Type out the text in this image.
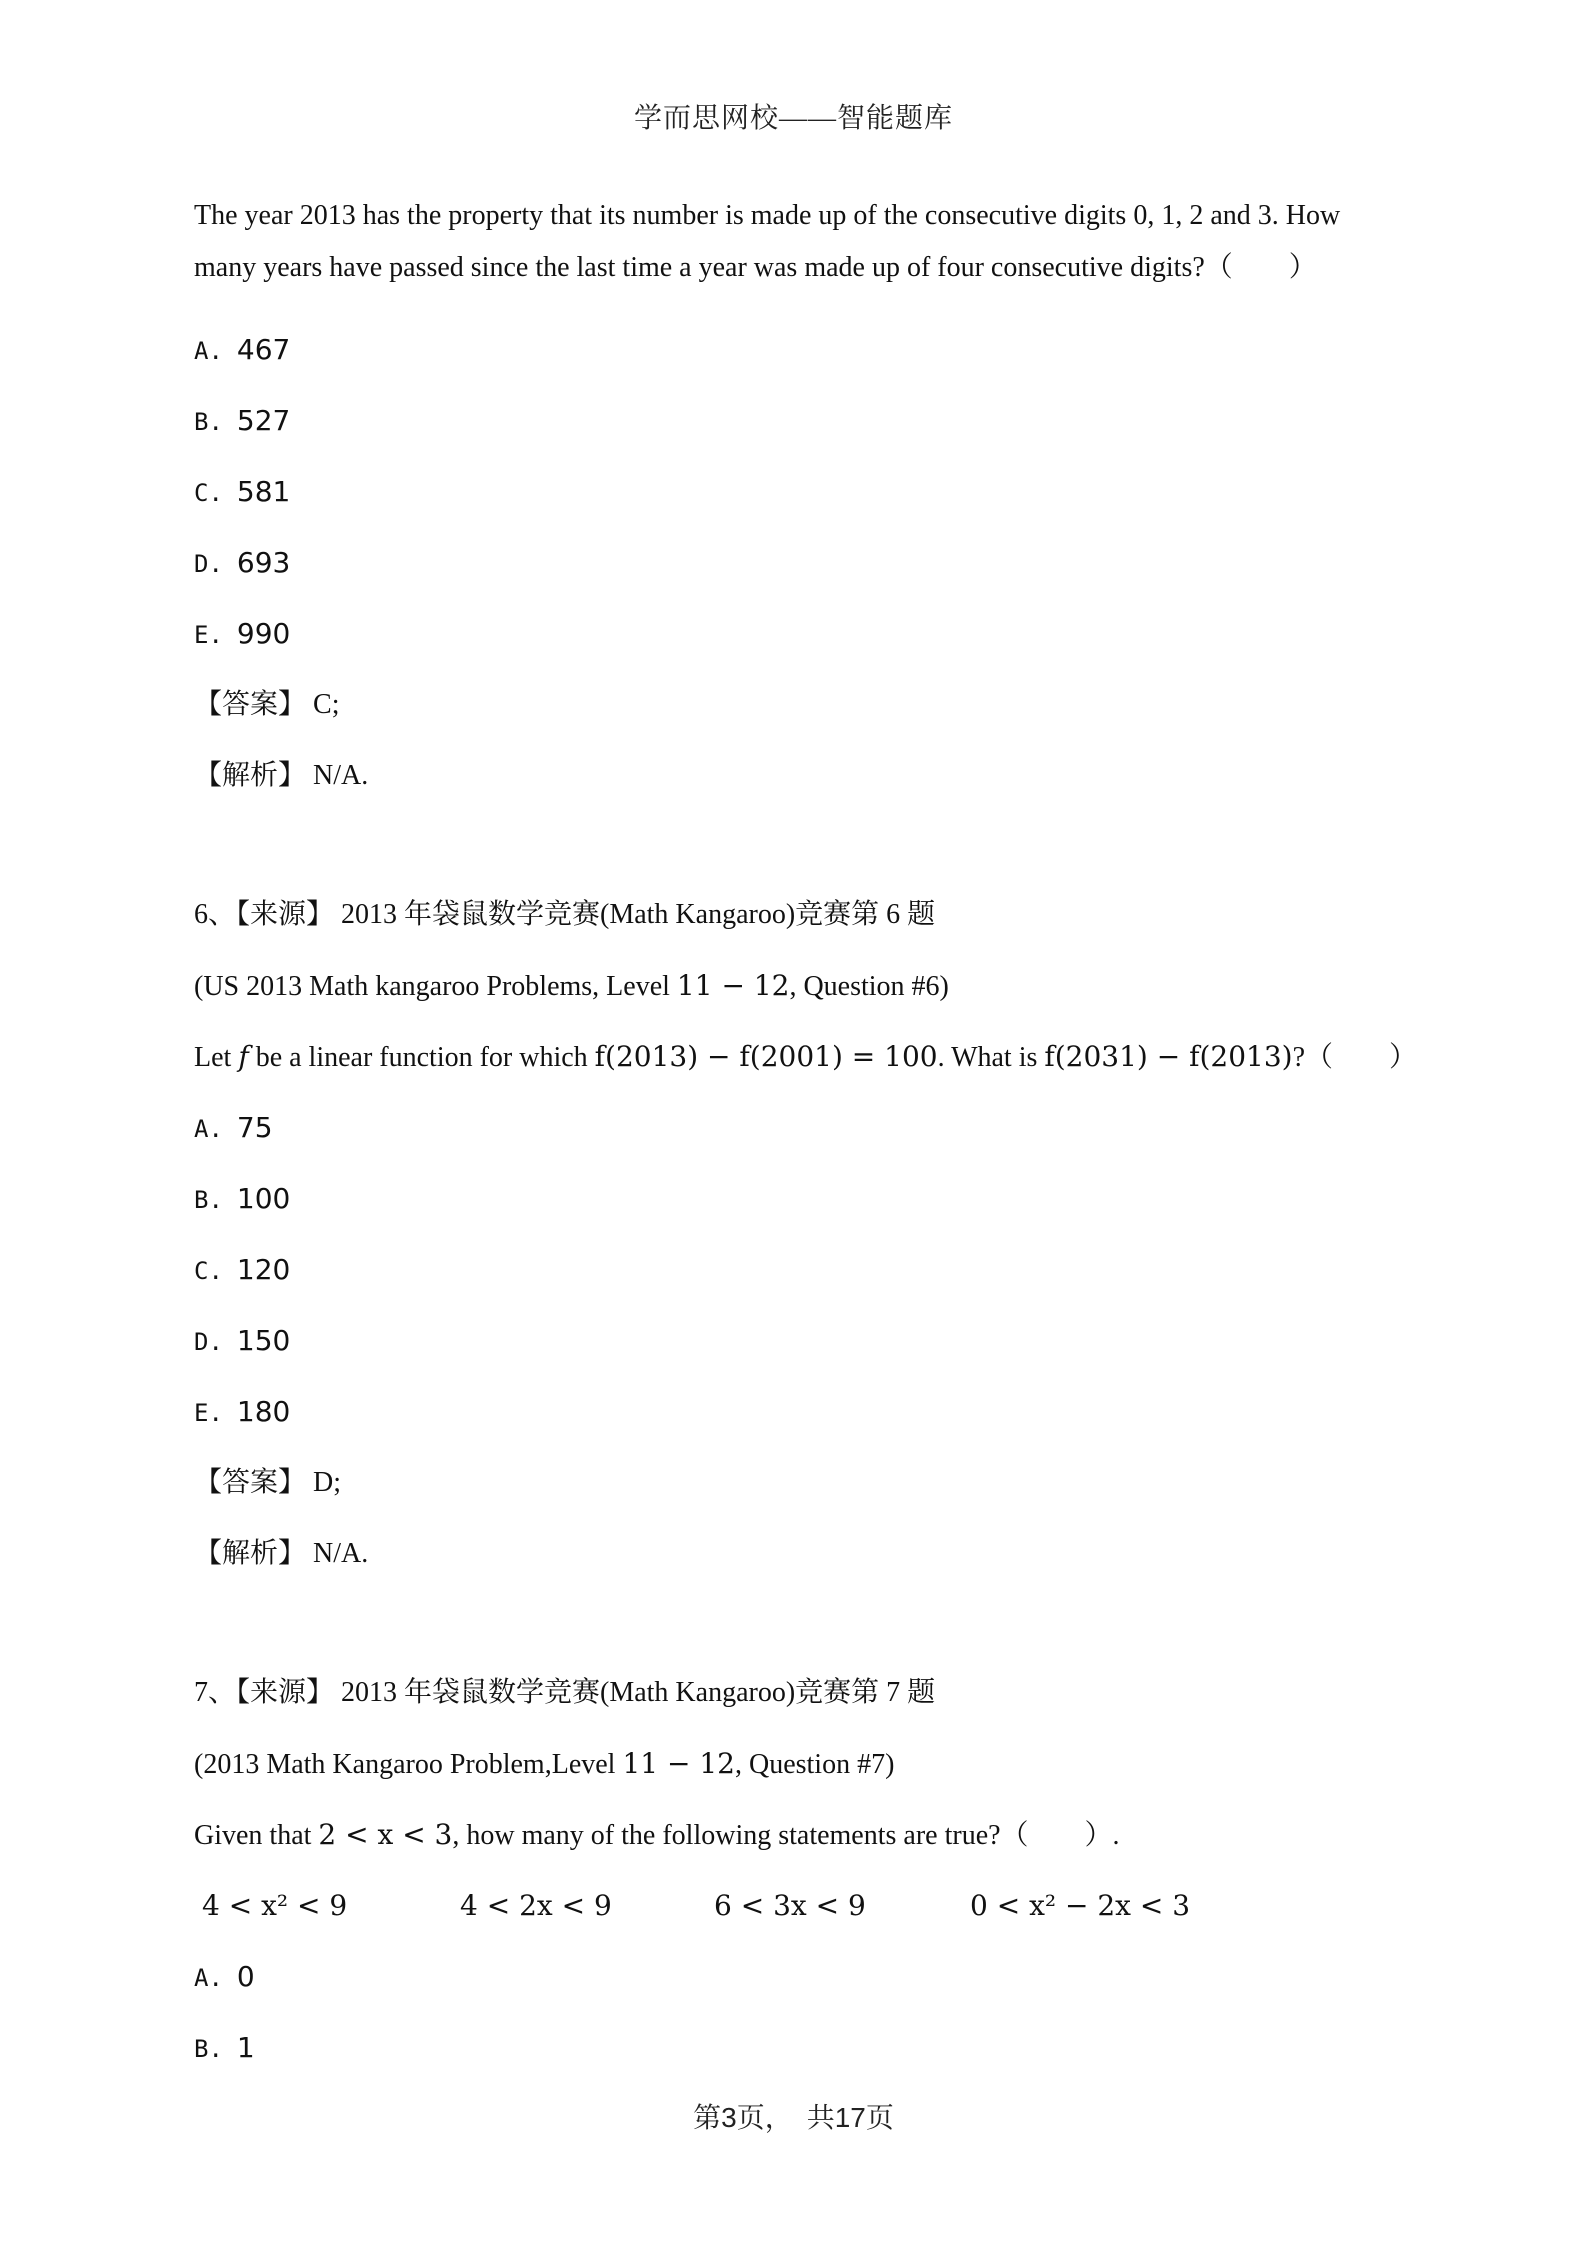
学而思网校——智能题库

The year 2013 has the property that its number is made up of the consecutive digits 0, 1, 2 and 3. How many years have passed since the last time a year was made up of four consecutive digits?（　　）

A. 467
B. 527
C. 581
D. 693
E. 990
【答案】 C;
【解析】 N/A.
6、【来源】 2013 年袋鼠数学竞赛(Math Kangaroo)竞赛第 6 题
(US 2013 Math kangaroo Problems, Level 11 − 12, Question #6)
Let f be a linear function for which f(2013) − f(2001) = 100. What is f(2031) − f(2013)?（　　）
A. 75
B. 100
C. 120
D. 150
E. 180
【答案】 D;
【解析】 N/A.
7、【来源】 2013 年袋鼠数学竞赛(Math Kangaroo)竞赛第 7 题
(2013 Math Kangaroo Problem,Level 11 − 12, Question #7)
Given that 2 < x < 3, how many of the following statements are true?（　　）.
4 < x² < 9	4 < 2x < 9	6 < 3x < 9	0 < x² − 2x < 3
A. 0
B. 1
第3页，　共17页
